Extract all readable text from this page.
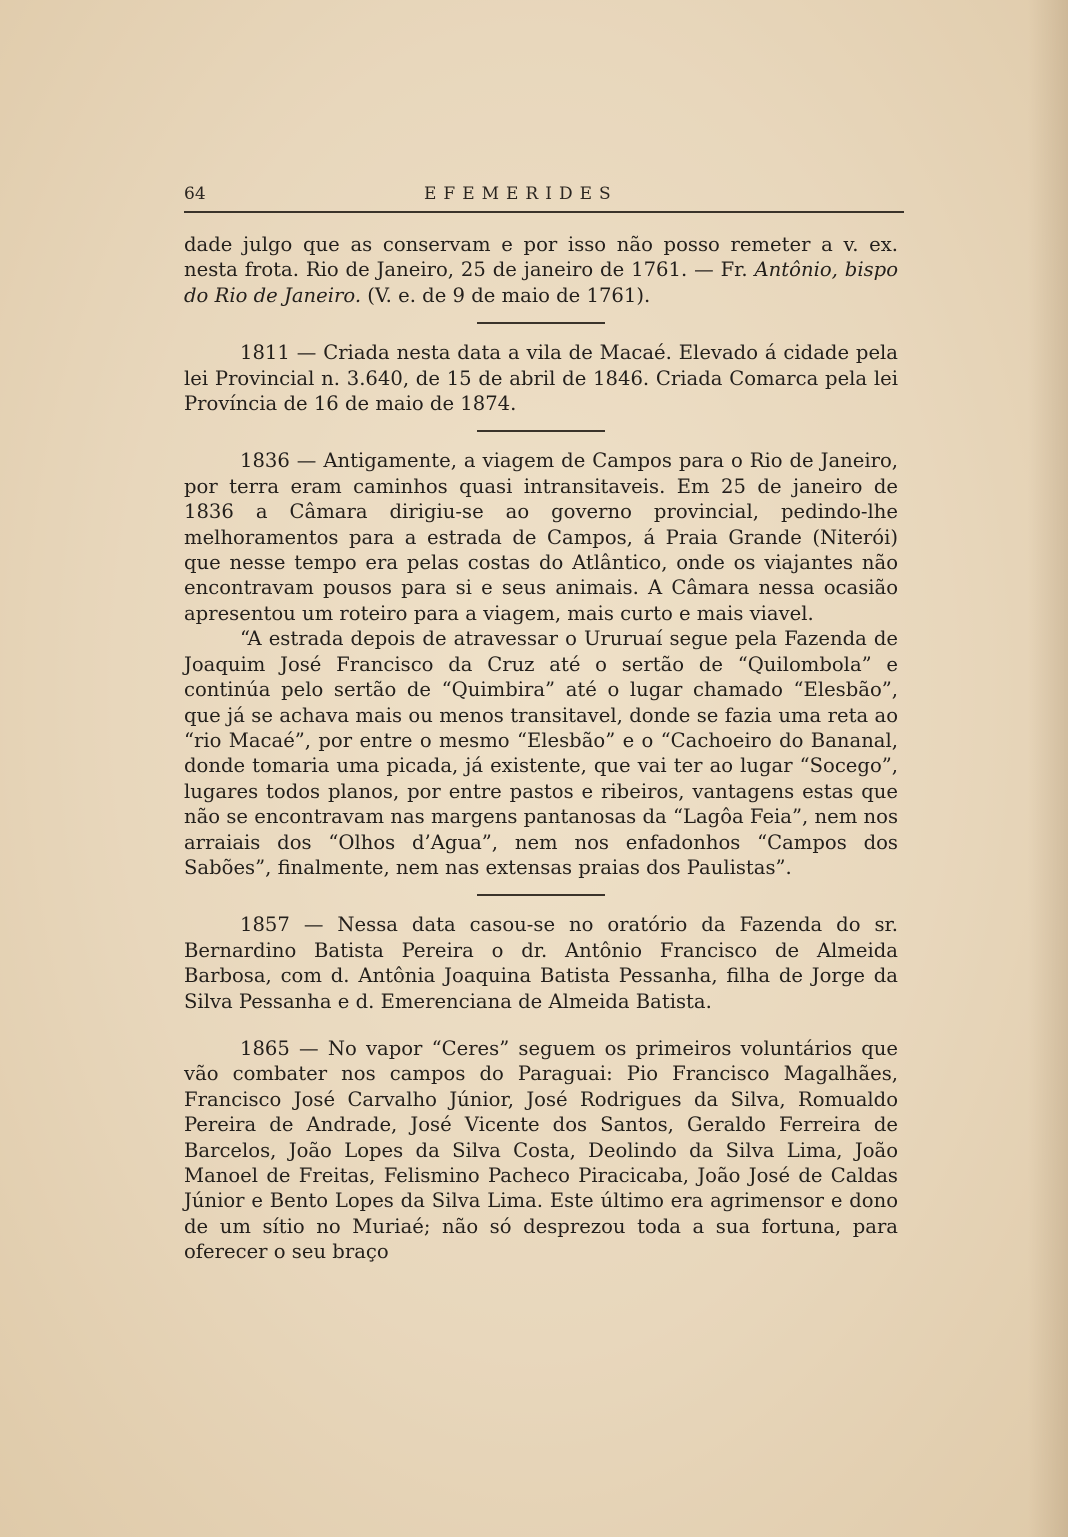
64	EFEMERIDES

dade julgo que as conservam e por isso não posso remeter a v. ex. nesta frota. Rio de Janeiro, 25 de janeiro de 1761. — Fr. Antônio, bispo do Rio de Janeiro. (V. e. de 9 de maio de 1761).

1811 — Criada nesta data a vila de Macaé. Elevado á cidade pela lei Provincial n. 3.640, de 15 de abril de 1846. Criada Comarca pela lei Província de 16 de maio de 1874.

1836 — Antigamente, a viagem de Campos para o Rio de Janeiro, por terra eram caminhos quasi intransitaveis. Em 25 de janeiro de 1836 a Câmara dirigiu-se ao governo provincial, pedindo-lhe melhoramentos para a estrada de Campos, á Praia Grande (Niterói) que nesse tempo era pelas costas do Atlântico, onde os viajantes não encontravam pousos para si e seus animais. A Câmara nessa ocasião apresentou um roteiro para a viagem, mais curto e mais viavel.

“A estrada depois de atravessar o Ururuaí segue pela Fazenda de Joaquim José Francisco da Cruz até o sertão de “Quilombola” e continúa pelo sertão de “Quimbira” até o lugar chamado “Elesbão”, que já se achava mais ou menos transitavel, donde se fazia uma reta ao “rio Macaé”, por entre o mesmo “Elesbão” e o “Cachoeiro do Bananal, donde tomaria uma picada, já existente, que vai ter ao lugar “Socego”, lugares todos planos, por entre pastos e ribeiros, vantagens estas que não se encontravam nas margens pantanosas da “Lagôa Feia”, nem nos arraiais dos “Olhos d’Agua”, nem nos enfadonhos “Campos dos Sabões”, finalmente, nem nas extensas praias dos Paulistas”.

1857 — Nessa data casou-se no oratório da Fazenda do sr. Bernardino Batista Pereira o dr. Antônio Francisco de Almeida Barbosa, com d. Antônia Joaquina Batista Pessanha, filha de Jorge da Silva Pessanha e d. Emerenciana de Almeida Batista.

1865 — No vapor “Ceres” seguem os primeiros voluntários que vão combater nos campos do Paraguai: Pio Francisco Magalhães, Francisco José Carvalho Júnior, José Rodrigues da Silva, Romualdo Pereira de Andrade, José Vicente dos Santos, Geraldo Ferreira de Barcelos, João Lopes da Silva Costa, Deolindo da Silva Lima, João Manoel de Freitas, Felismino Pacheco Piracicaba, João José de Caldas Júnior e Bento Lopes da Silva Lima. Este último era agrimensor e dono de um sítio no Muriaé; não só desprezou toda a sua fortuna, para oferecer o seu braço
